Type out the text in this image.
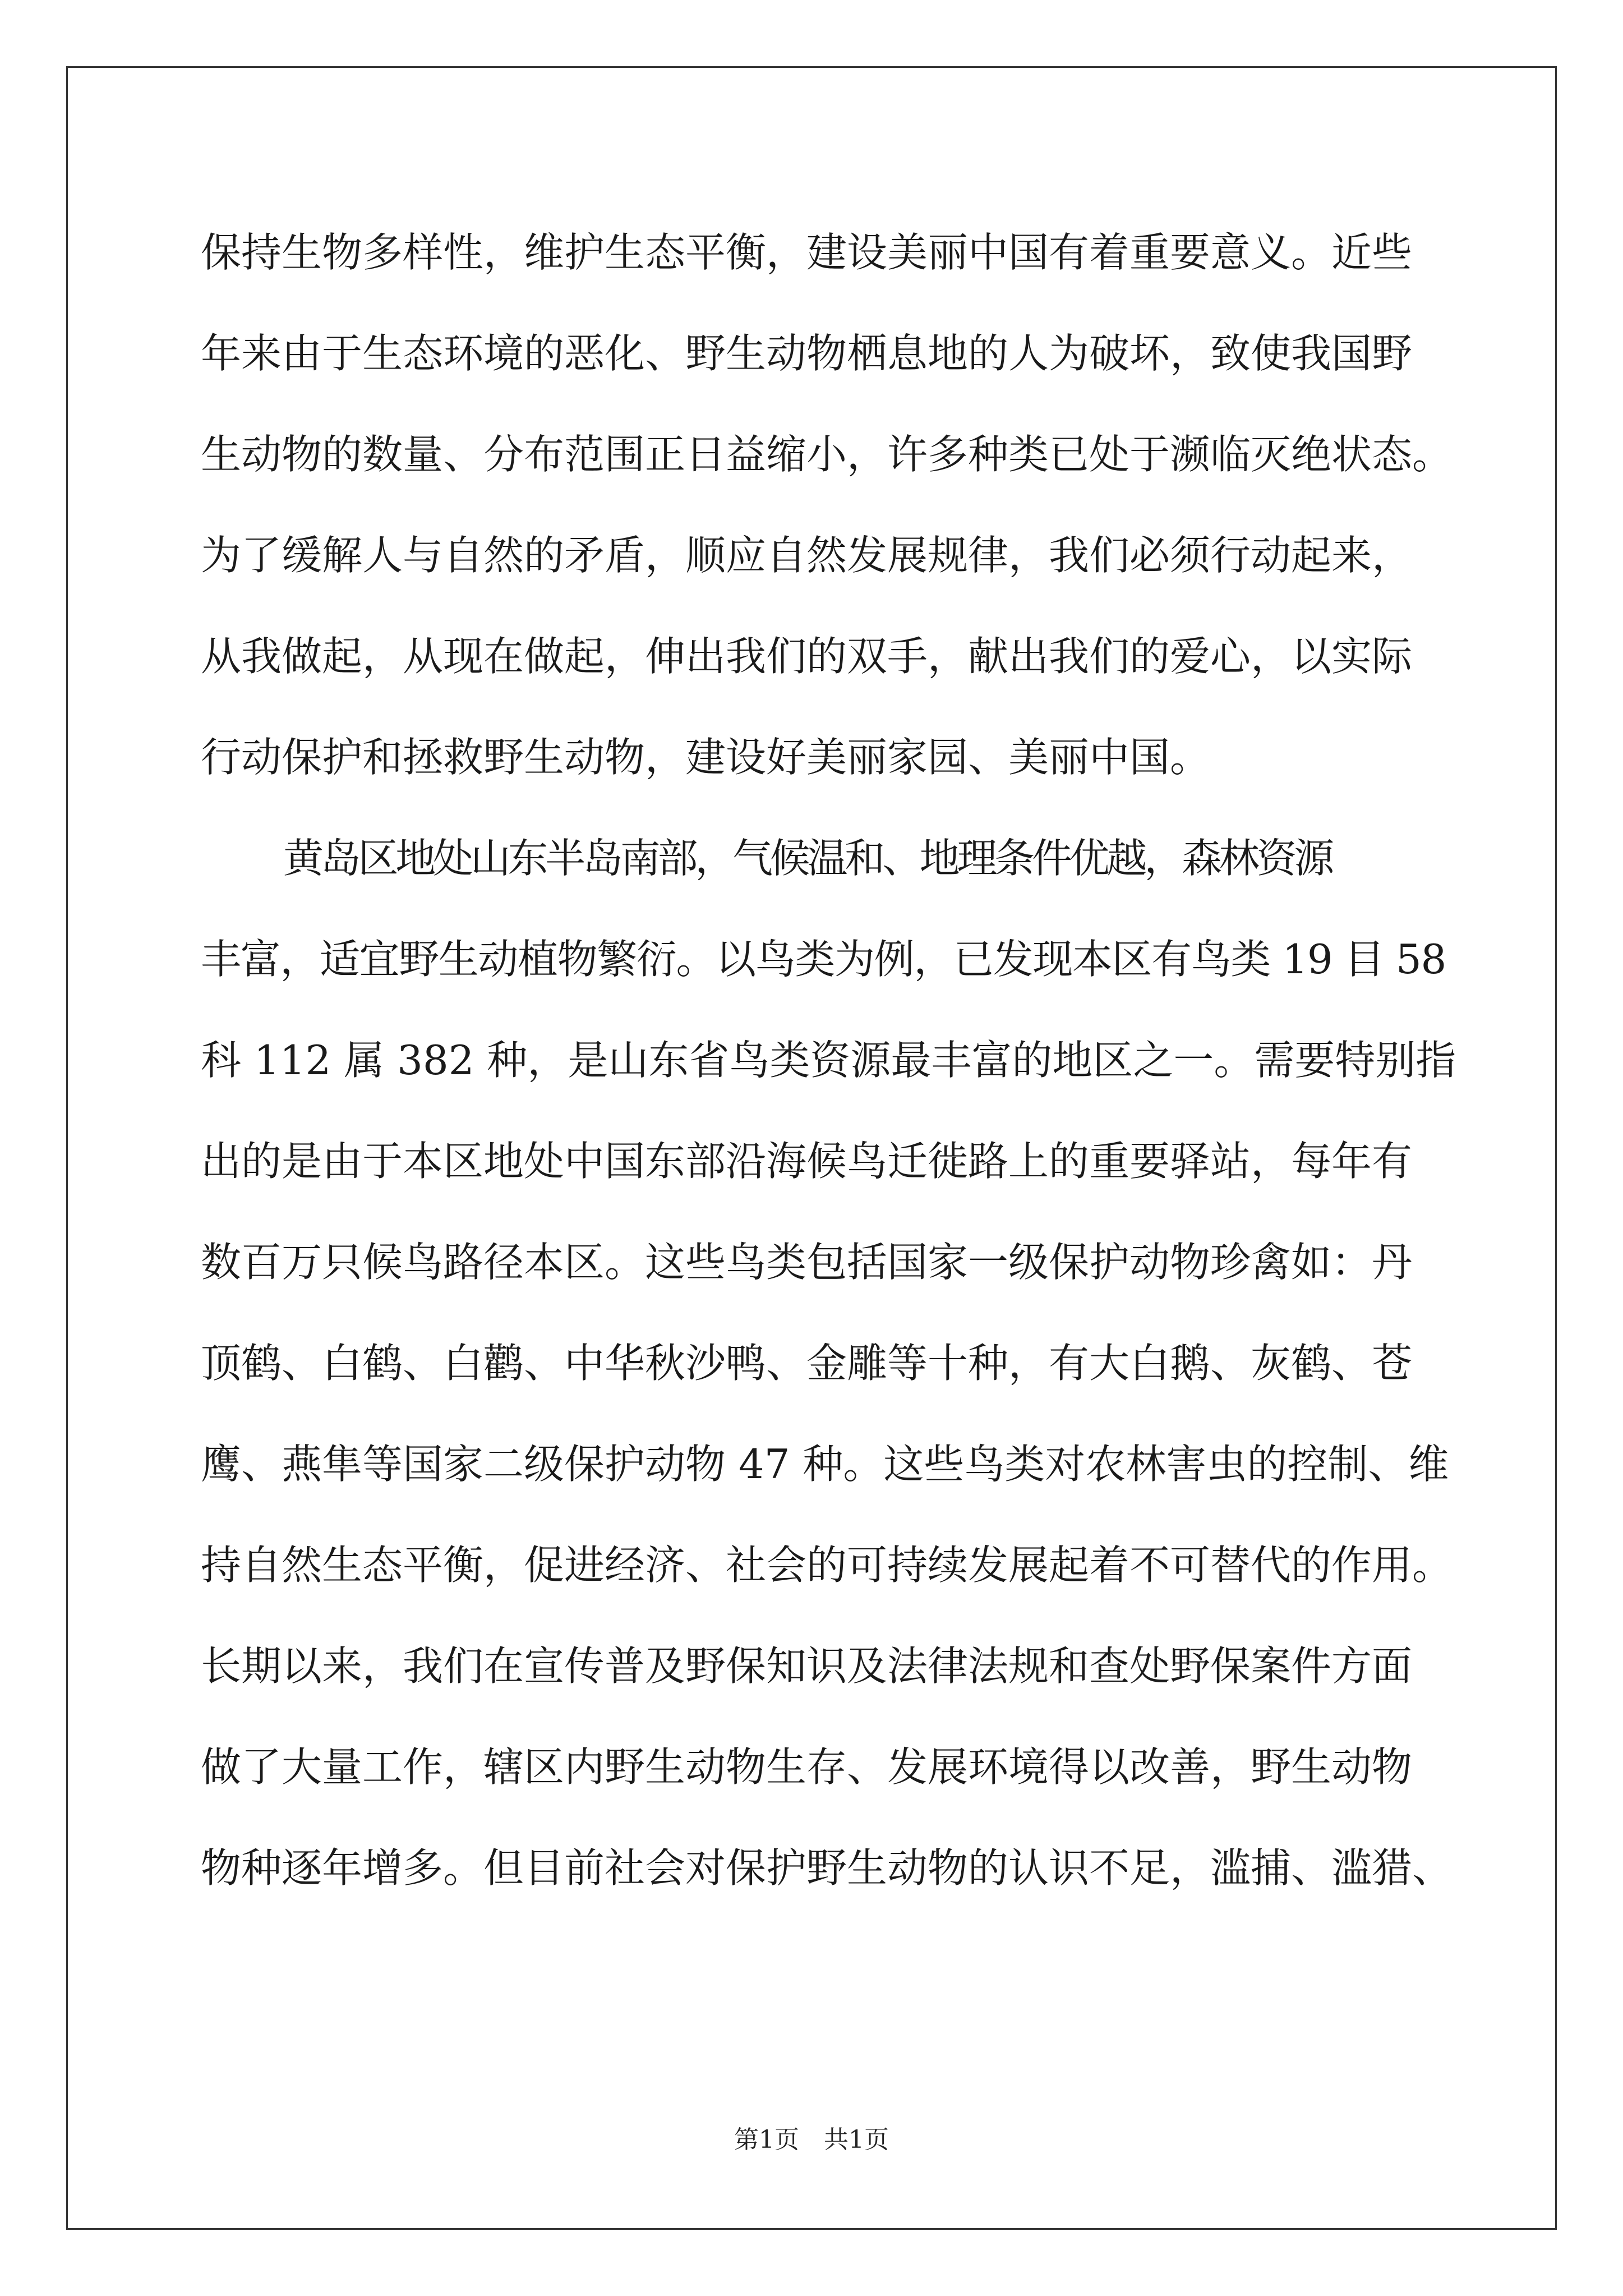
保持生物多样性，维护生态平衡，建设美丽中国有着重要意义。近些
年来由于生态环境的恶化、野生动物栖息地的人为破坏，致使我国野
生动物的数量、分布范围正日益缩小，许多种类已处于濒临灭绝状态。
为了缓解人与自然的矛盾，顺应自然发展规律，我们必须行动起来，
从我做起，从现在做起，伸出我们的双手，献出我们的爱心，以实际
行动保护和拯救野生动物，建设好美丽家园、美丽中国。
黄岛区地处山东半岛南部，气候温和、地理条件优越，森林资源
丰富，适宜野生动植物繁衍。以鸟类为例，已发现本区有鸟类 19 目 58
科 112 属 382 种，是山东省鸟类资源最丰富的地区之一。需要特别指
出的是由于本区地处中国东部沿海候鸟迁徙路上的重要驿站，每年有
数百万只候鸟路径本区。这些鸟类包括国家一级保护动物珍禽如：丹
顶鹤、白鹤、白鹳、中华秋沙鸭、金雕等十种，有大白鹅、灰鹤、苍
鹰、燕隼等国家二级保护动物 47 种。这些鸟类对农林害虫的控制、维
持自然生态平衡，促进经济、社会的可持续发展起着不可替代的作用。
长期以来，我们在宣传普及野保知识及法律法规和查处野保案件方面
做了大量工作，辖区内野生动物生存、发展环境得以改善，野生动物
物种逐年增多。但目前社会对保护野生动物的认识不足，滥捕、滥猎、
第1页　共1页
